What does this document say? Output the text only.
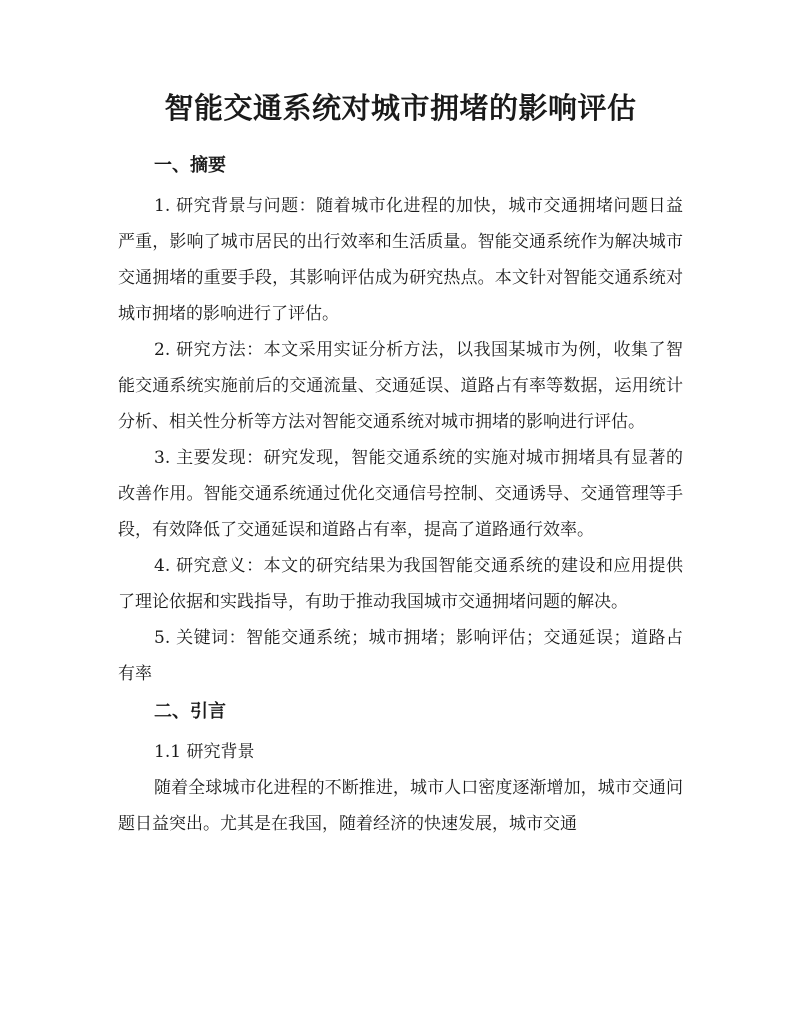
智能交通系统对城市拥堵的影响评估
一、摘要

1. 研究背景与问题：随着城市化进程的加快，城市交通拥堵问题日益严重，影响了城市居民的出行效率和生活质量。智能交通系统作为解决城市交通拥堵的重要手段，其影响评估成为研究热点。本文针对智能交通系统对城市拥堵的影响进行了评估。

2. 研究方法：本文采用实证分析方法，以我国某城市为例，收集了智能交通系统实施前后的交通流量、交通延误、道路占有率等数据，运用统计分析、相关性分析等方法对智能交通系统对城市拥堵的影响进行评估。

3. 主要发现：研究发现，智能交通系统的实施对城市拥堵具有显著的改善作用。智能交通系统通过优化交通信号控制、交通诱导、交通管理等手段，有效降低了交通延误和道路占有率，提高了道路通行效率。

4. 研究意义：本文的研究结果为我国智能交通系统的建设和应用提供了理论依据和实践指导，有助于推动我国城市交通拥堵问题的解决。

5. 关键词：智能交通系统；城市拥堵；影响评估；交通延误；道路占有率

二、引言
1.1 研究背景

随着全球城市化进程的不断推进，城市人口密度逐渐增加，城市交通问题日益突出。尤其是在我国，随着经济的快速发展，城市交通
